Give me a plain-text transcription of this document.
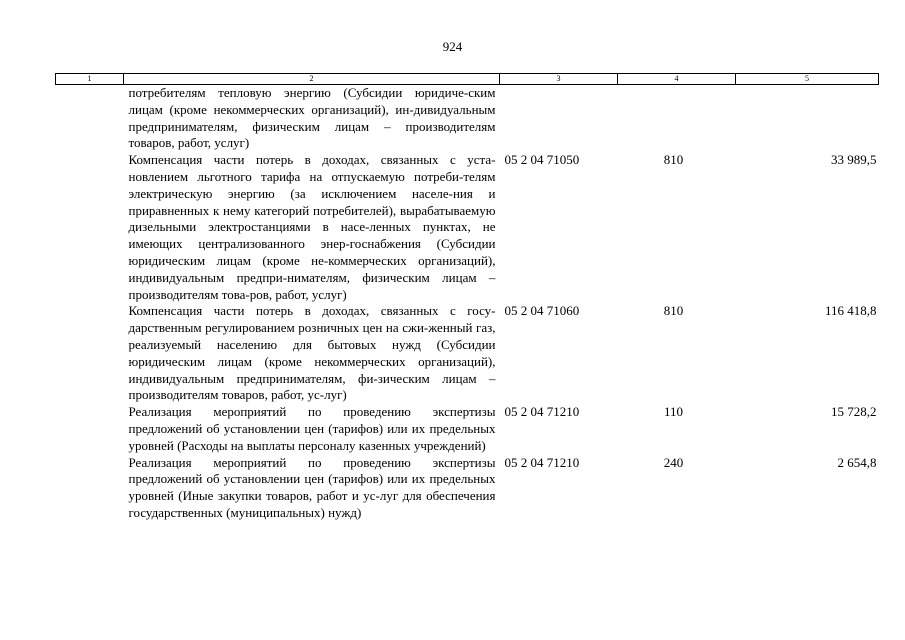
924
1	2	3	4	5
	потребителям тепловую энергию (Субсидии юридиче-ским лицам (кроме некоммерческих организаций), ин-дивидуальным предпринимателям, физическим лицам – производителям товаров, работ, услуг)			
	Компенсация части потерь в доходах, связанных с уста-новлением льготного тарифа на отпускаемую потреби-телям электрическую энергию (за исключением населе-ния и приравненных к нему категорий потребителей), вырабатываемую дизельными электростанциями в насе-ленных пунктах, не имеющих централизованного энер-госнабжения (Субсидии юридическим лицам (кроме не-коммерческих организаций), индивидуальным предпри-нимателям, физическим лицам – производителям това-ров, работ, услуг)	05 2 04 71050	810	33 989,5
	Компенсация части потерь в доходах, связанных с госу-дарственным регулированием розничных цен на сжи-женный газ, реализуемый населению для бытовых нужд (Субсидии юридическим лицам (кроме некоммерческих организаций), индивидуальным предпринимателям, фи-зическим лицам – производителям товаров, работ, ус-луг)	05 2 04 71060	810	116 418,8
	Реализация мероприятий по проведению экспертизы предложений об установлении цен (тарифов) или их предельных уровней (Расходы на выплаты персоналу казенных учреждений)	05 2 04 71210	110	15 728,2
	Реализация мероприятий по проведению экспертизы предложений об установлении цен (тарифов) или их предельных уровней (Иные закупки товаров, работ и ус-луг для обеспечения государственных (муниципальных) нужд)	05 2 04 71210	240	2 654,8
